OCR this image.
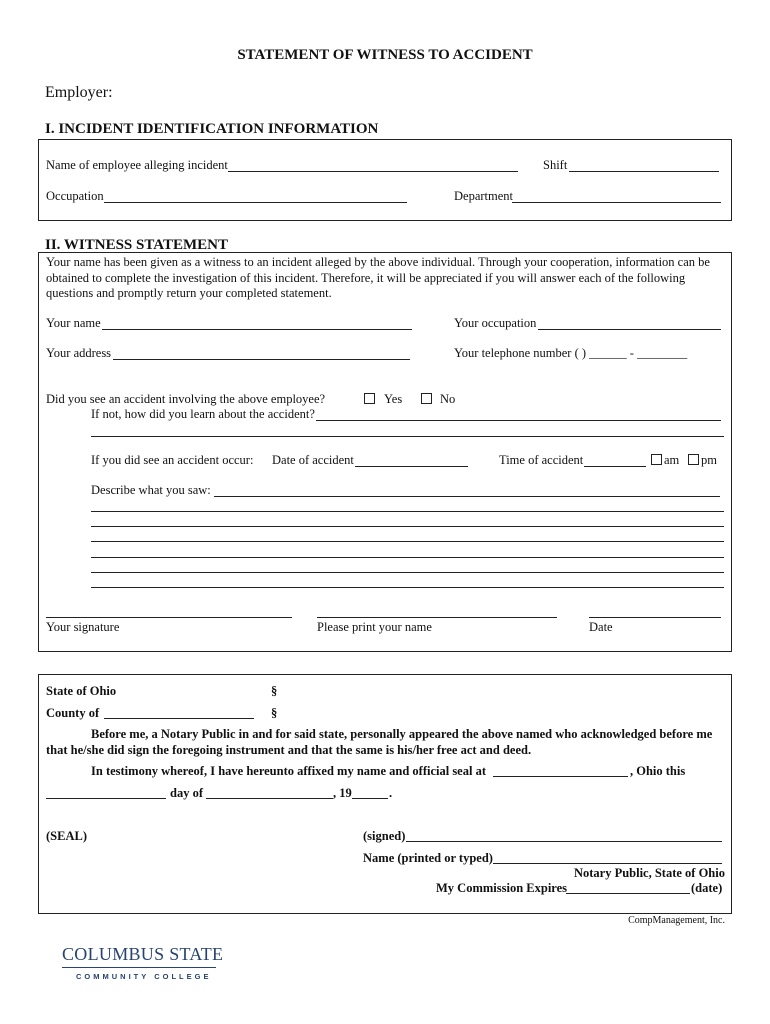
STATEMENT OF WITNESS TO ACCIDENT
Employer:
I. INCIDENT IDENTIFICATION INFORMATION
Name of employee alleging incident	Shift
Occupation	Department
II. WITNESS STATEMENT
Your name has been given as a witness to an incident alleged by the above individual. Through your cooperation, information can be obtained to complete the investigation of this incident. Therefore, it will be appreciated if you will answer each of the following questions and promptly return your completed statement.
Your name	Your occupation
Your address	Your telephone number ( ) ______ - ________
Did you see an accident involving the above employee?	Yes	No
If not, how did you learn about the accident?
If you did see an accident occur: Date of accident	Time of accident	am pm
Describe what you saw:
Your signature	Please print your name	Date
State of Ohio	§
County of	§
Before me, a Notary Public in and for said state, personally appeared the above named who acknowledged before me that he/she did sign the foregoing instrument and that the same is his/her free act and deed.
In testimony whereof, I have hereunto affixed my name and official seal at	, Ohio this
day of	, 19	.
(SEAL)	(signed)
Name (printed or typed)
Notary Public, State of Ohio
My Commission Expires	(date)
CompManagement, Inc.
COLUMBUS STATE
COMMUNITY COLLEGE
